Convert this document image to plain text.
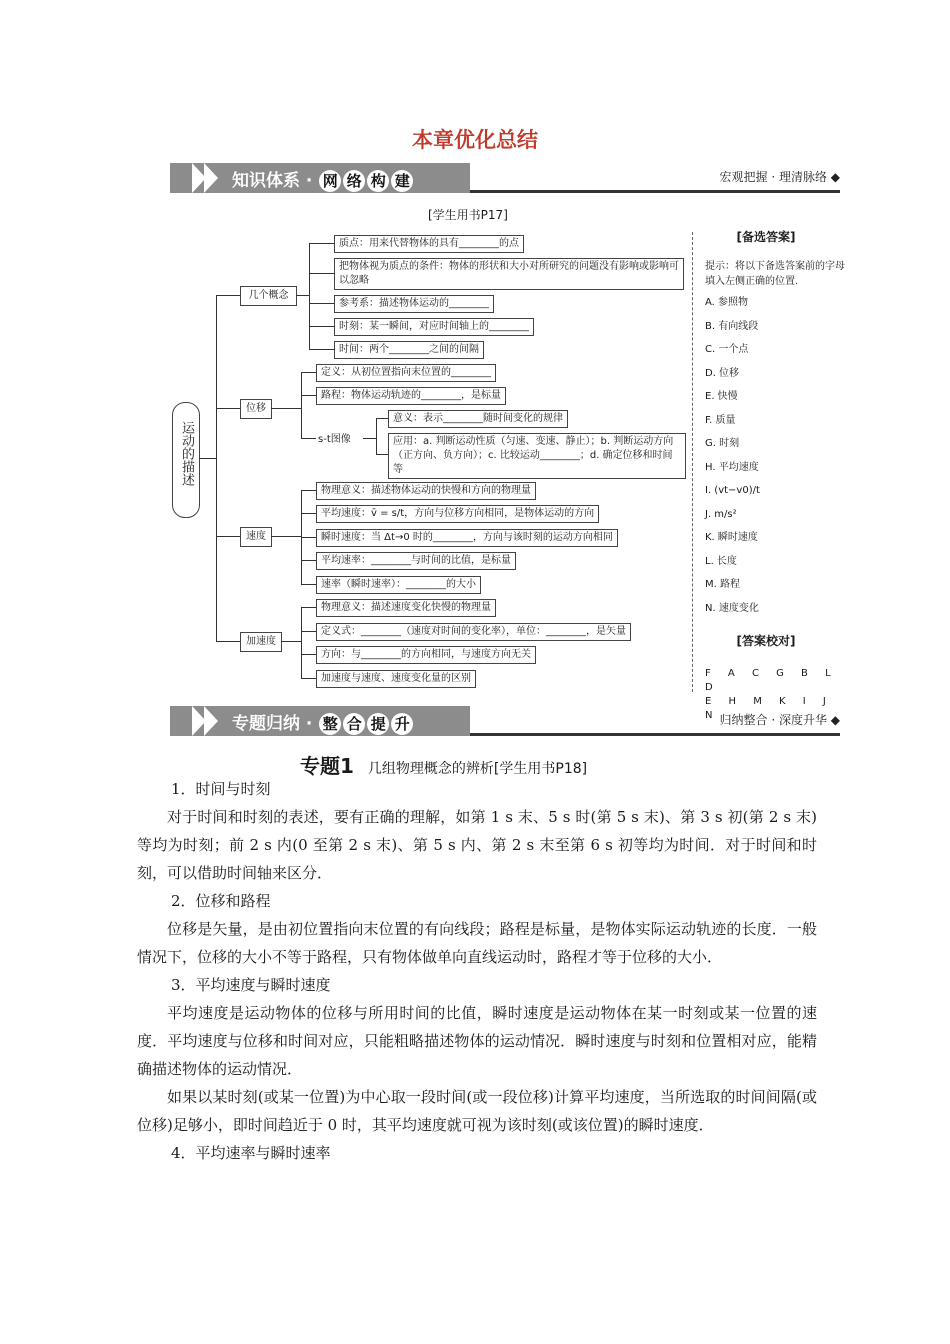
本章优化总结
知识体系 · 网 络 构 建	宏观把握 · 理清脉络 ◆
[学生用书P17]
运动的描述
几个概念
位移
速度
加速度
质点：用来代替物体的具有________的点
把物体视为质点的条件：物体的形状和大小对所研究的问题没有影响或影响可以忽略
参考系：描述物体运动的________
时刻：某一瞬间，对应时间轴上的________
时间：两个________之间的间隔
定义：从初位置指向末位置的________
路程：物体运动轨迹的________，是标量
s-t图像
意义：表示________随时间变化的规律
应用：a. 判断运动性质（匀速、变速、静止）；b. 判断运动方向（正方向、负方向）；c. 比较运动________；d. 确定位移和时间等
物理意义：描述物体运动的快慢和方向的物理量
平均速度：v̄ = s/t，方向与位移方向相同，是物体运动的方向
瞬时速度：当 Δt→0 时的________，方向与该时刻的运动方向相同
平均速率：________与时间的比值，是标量
速率（瞬时速率）：________的大小
物理意义：描述速度变化快慢的物理量
定义式：________（速度对时间的变化率），单位：________，是矢量
方向：与________的方向相同，与速度方向无关
加速度与速度、速度变化量的区别
[备选答案]
提示：将以下备选答案前的字母填入左侧正确的位置.
A. 参照物
B. 有向线段
C. 一个点
D. 位移
E. 快慢
F. 质量
G. 时刻
H. 平均速度
I. (vt−v0)/t
J. m/s²
K. 瞬时速度
L. 长度
M. 路程
N. 速度变化
[答案校对]
F A C G B L D
E H M K I J N
专题归纳 · 整 合 提 升	归纳整合 · 深度升华 ◆
专题1 几组物理概念的辨析[学生用书P18]

1．时间与时刻

对于时间和时刻的表述，要有正确的理解，如第 1 s 末、5 s 时(第 5 s 末)、第 3 s 初(第 2 s 末)等均为时刻；前 2 s 内(0 至第 2 s 末)、第 5 s 内、第 2 s 末至第 6 s 初等均为时间．对于时间和时刻，可以借助时间轴来区分．

2．位移和路程

位移是矢量，是由初位置指向末位置的有向线段；路程是标量，是物体实际运动轨迹的长度．一般情况下，位移的大小不等于路程，只有物体做单向直线运动时，路程才等于位移的大小．

3．平均速度与瞬时速度

平均速度是运动物体的位移与所用时间的比值，瞬时速度是运动物体在某一时刻或某一位置的速度．平均速度与位移和时间对应，只能粗略描述物体的运动情况．瞬时速度与时刻和位置相对应，能精确描述物体的运动情况．

如果以某时刻(或某一位置)为中心取一段时间(或一段位移)计算平均速度，当所选取的时间间隔(或位移)足够小，即时间趋近于 0 时，其平均速度就可视为该时刻(或该位置)的瞬时速度．

4．平均速率与瞬时速率
